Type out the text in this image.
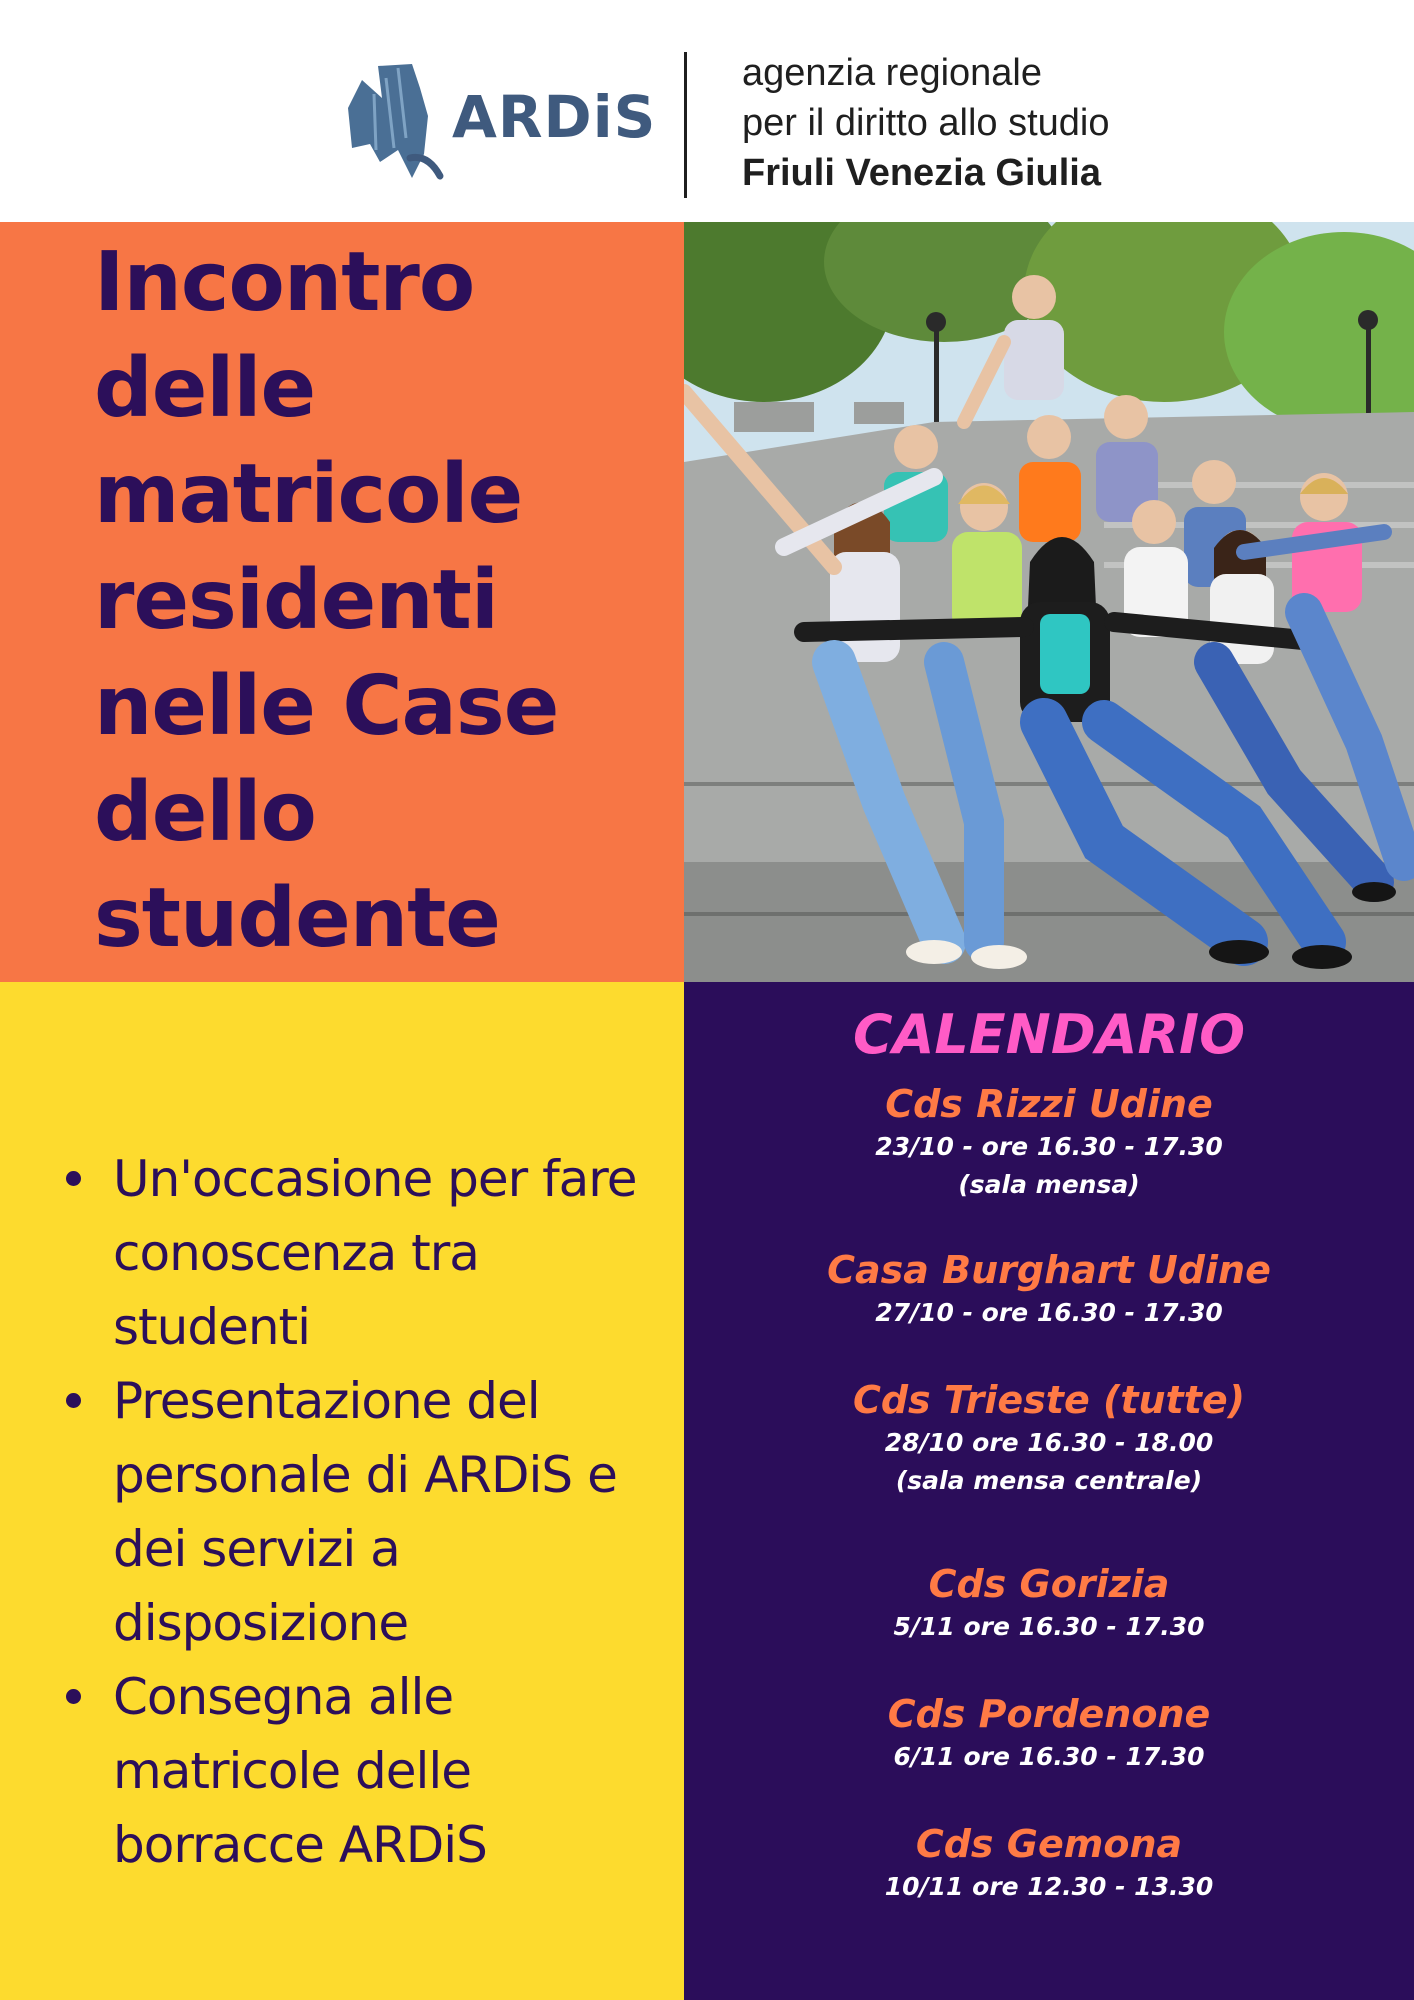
ARDiS
agenzia regionale
per il diritto allo studio
Friuli Venezia Giulia
Incontro delle matricole residenti nelle Case dello studente
Un'occasione per fare conoscenza tra studenti
Presentazione del personale di ARDiS e dei servizi a disposizione
Consegna alle matricole delle borracce ARDiS
CALENDARIO
Cds Rizzi Udine
23/10 - ore 16.30 - 17.30
(sala mensa)
Casa Burghart Udine
27/10 - ore 16.30 - 17.30
Cds Trieste (tutte)
28/10 ore 16.30 - 18.00
(sala mensa centrale)
Cds Gorizia
5/11 ore 16.30 - 17.30
Cds Pordenone
6/11 ore 16.30 - 17.30
Cds Gemona
10/11 ore 12.30 - 13.30
